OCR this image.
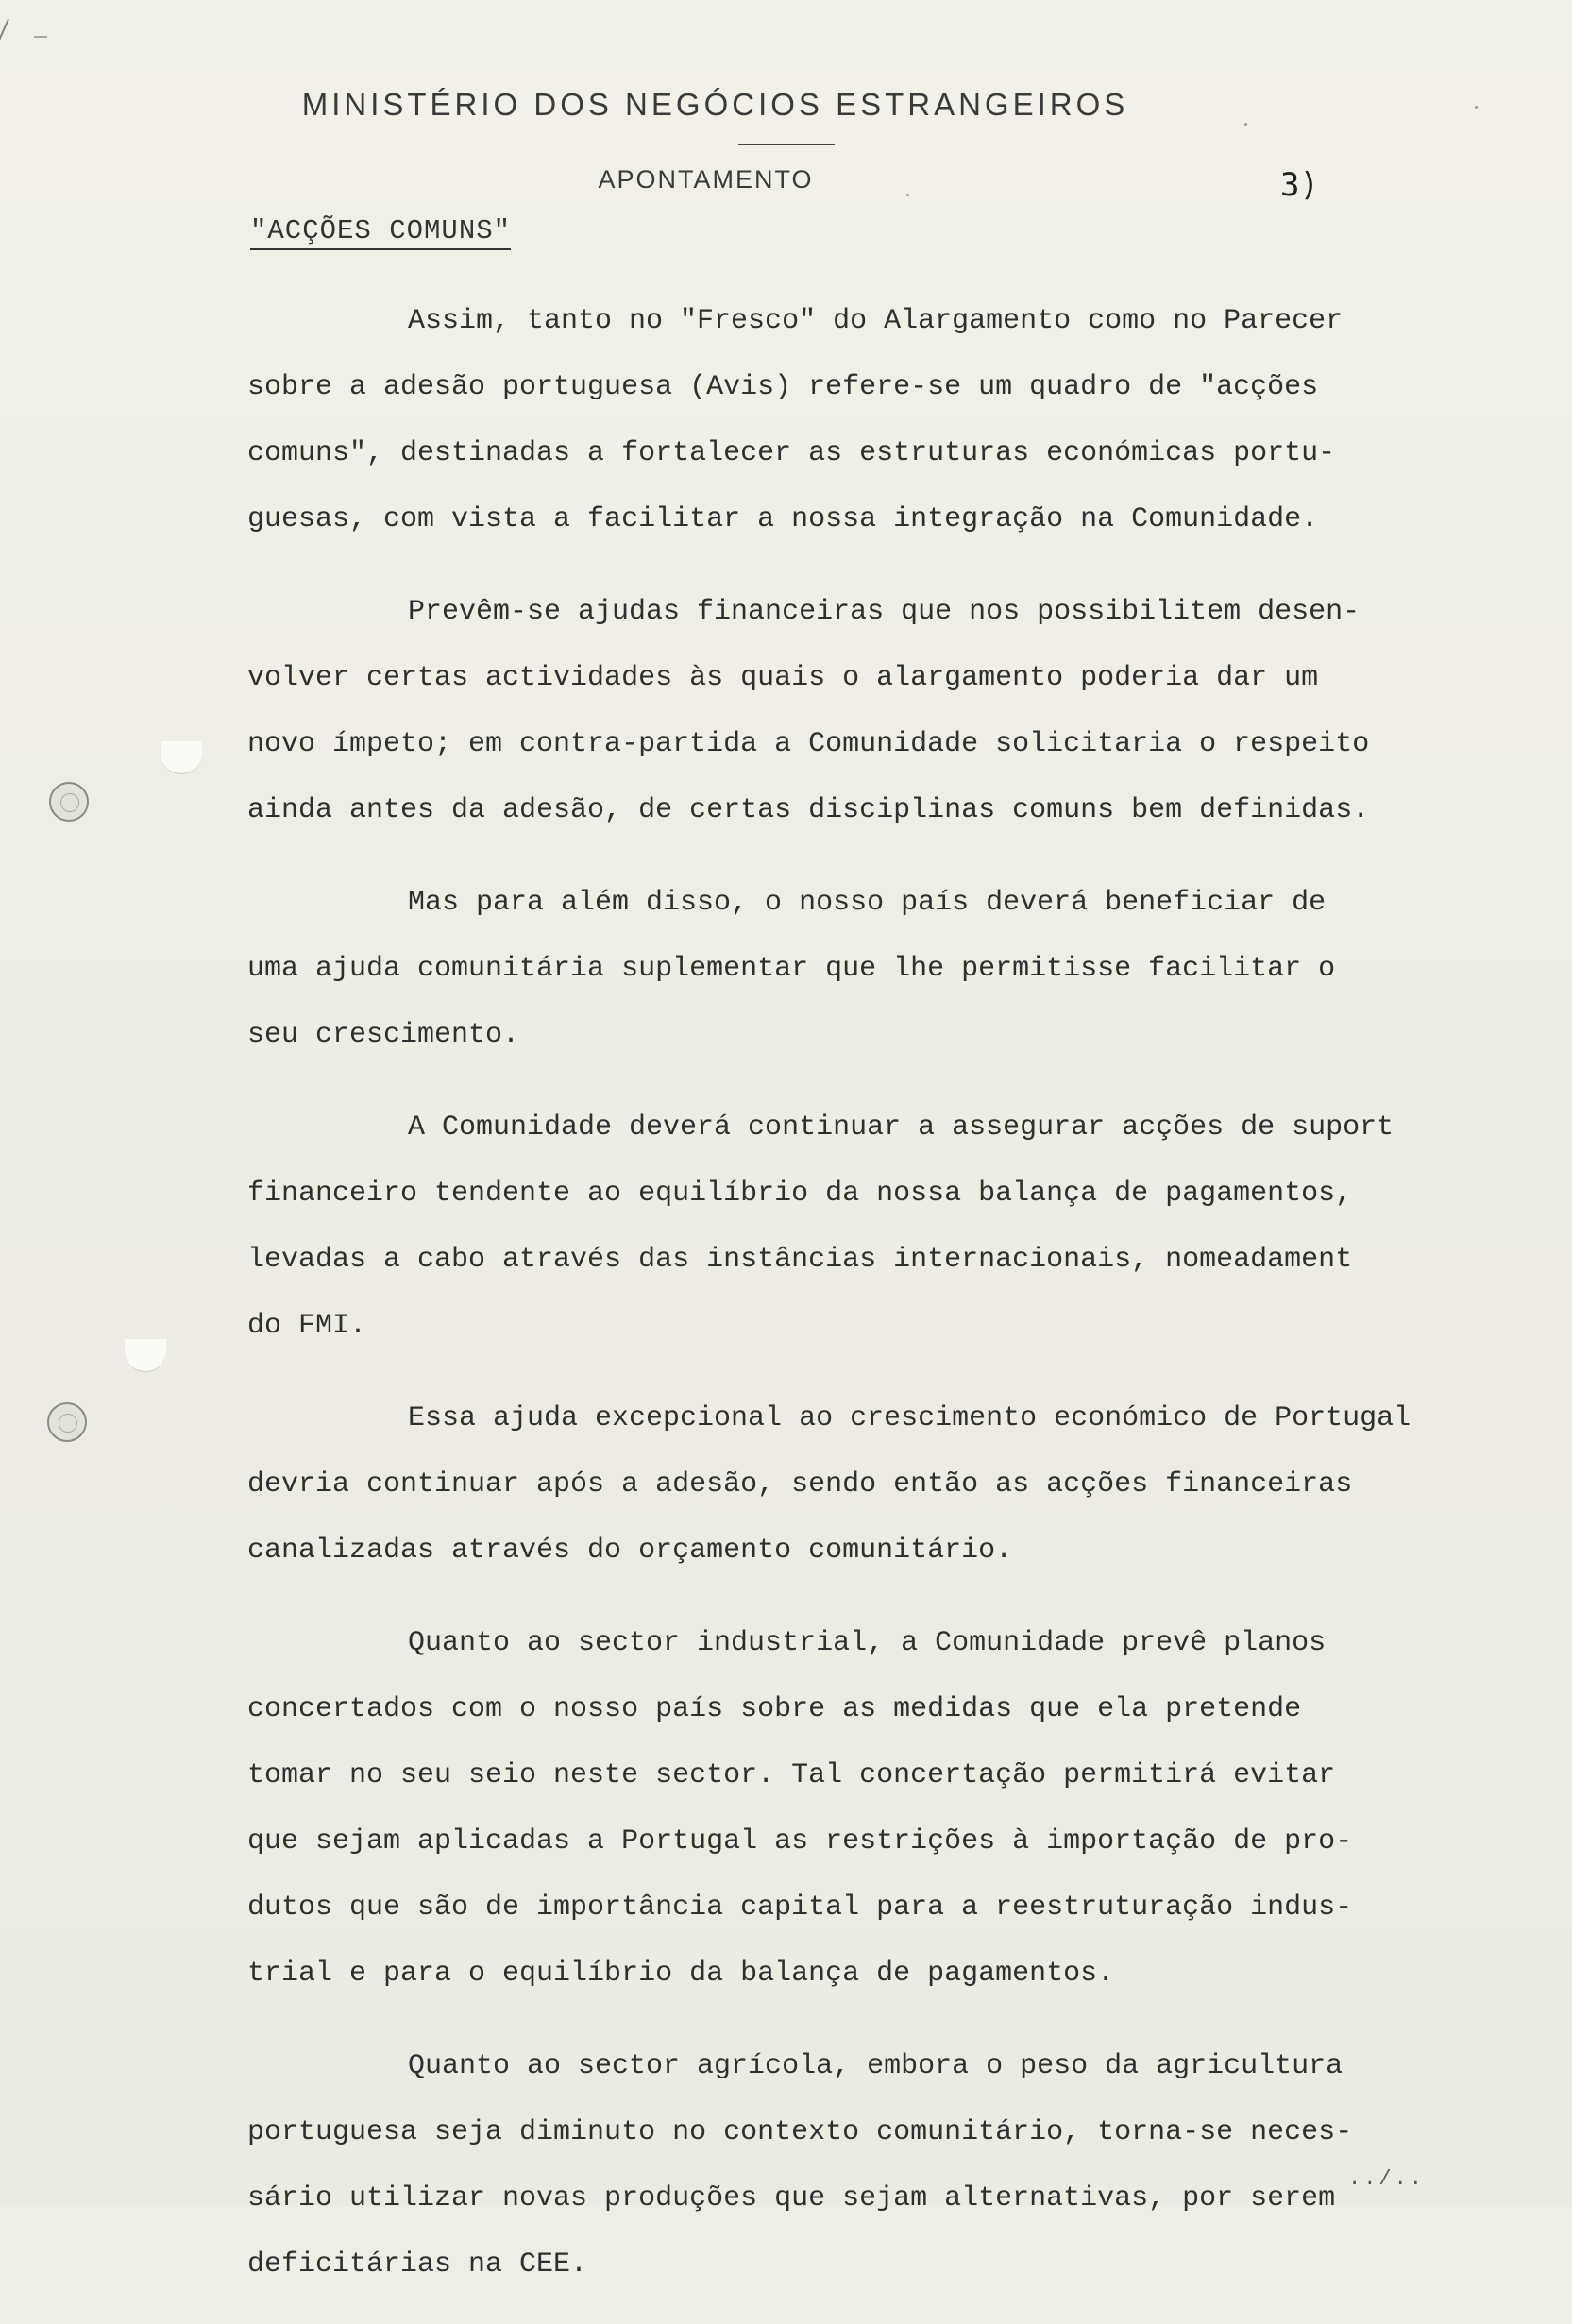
MINISTÉRIO DOS NEGÓCIOS ESTRANGEIROS
APONTAMENTO	3)
"ACÇÕES COMUNS"
Assim, tanto no "Fresco" do Alargamento como no Parecer
sobre a adesão portuguesa (Avis) refere-se um quadro de "acções
comuns", destinadas a fortalecer as estruturas económicas portu-
guesas, com vista a facilitar a nossa integração na Comunidade.
Prevêm-se ajudas financeiras que nos possibilitem desen-
volver certas actividades às quais o alargamento poderia dar um
novo ímpeto; em contra-partida a Comunidade solicitaria o respeito
ainda antes da adesão, de certas disciplinas comuns bem definidas.
Mas para além disso, o nosso país deverá beneficiar de
uma ajuda comunitária suplementar que lhe permitisse facilitar o
seu crescimento.
A Comunidade deverá continuar a assegurar acções de suport
financeiro tendente ao equilíbrio da nossa balança de pagamentos,
levadas a cabo através das instâncias internacionais, nomeadament
do FMI.
Essa ajuda excepcional ao crescimento económico de Portugal
devria continuar após a adesão, sendo então as acções financeiras
canalizadas através do orçamento comunitário.
Quanto ao sector industrial, a Comunidade prevê planos
concertados com o nosso país sobre as medidas que ela pretende
tomar no seu seio neste sector. Tal concertação permitirá evitar
que sejam aplicadas a Portugal as restrições à importação de pro-
dutos que são de importância capital para a reestruturação indus-
trial e para o equilíbrio da balança de pagamentos.
Quanto ao sector agrícola, embora o peso da agricultura
portuguesa seja diminuto no contexto comunitário, torna-se neces-
sário utilizar novas produções que sejam alternativas, por serem
deficitárias na CEE.
../..
